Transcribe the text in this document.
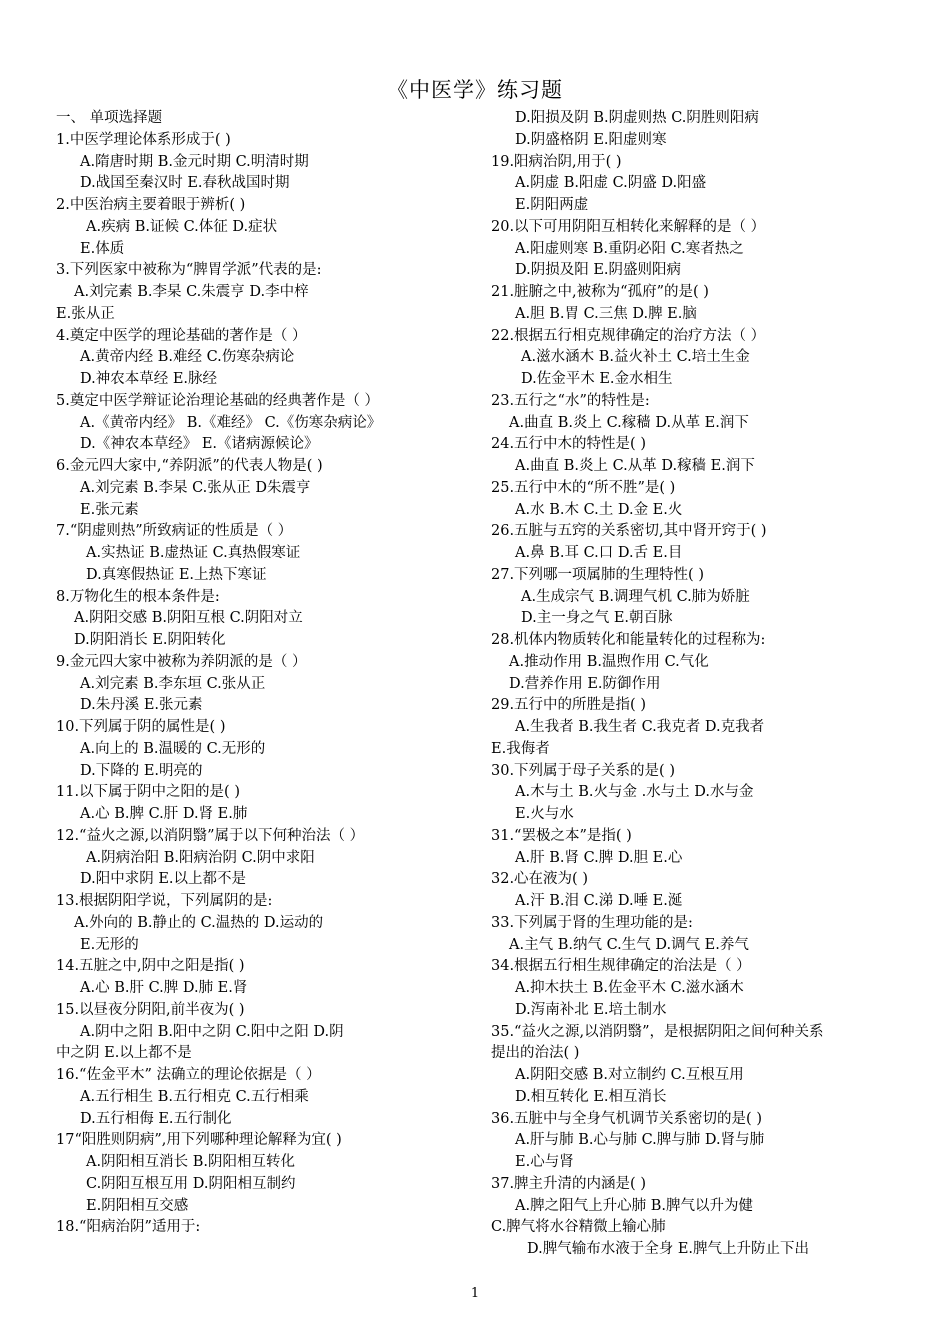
《中医学》练习题
一、 单项选择题
1.中医学理论体系形成于( )
A.隋唐时期 B.金元时期 C.明清时期
D.战国至秦汉时 E.春秋战国时期
2.中医治病主要着眼于辨析( )
A.疾病 B.证候 C.体征 D.症状
E.体质
3.下列医家中被称为“脾胃学派”代表的是:
A.刘完素 B.李杲 C.朱震亨 D.李中梓
E.张从正
4.奠定中医学的理论基础的著作是（ ）
A.黄帝内经 B.难经 C.伤寒杂病论
D.神农本草经 E.脉经
5.奠定中医学辩证论治理论基础的经典著作是（ ）
A.《黄帝内经》 B.《难经》 C.《伤寒杂病论》
D.《神农本草经》 E.《诸病源候论》
6.金元四大家中,“养阴派”的代表人物是( )
A.刘完素 B.李杲 C.张从正 D朱震亨
E.张元素
7.“阴虚则热”所致病证的性质是（ ）
A.实热证 B.虚热证 C.真热假寒证
D.真寒假热证 E.上热下寒证
8.万物化生的根本条件是:
A.阴阳交感 B.阴阳互根 C.阴阳对立
D.阴阳消长 E.阴阳转化
9.金元四大家中被称为养阴派的是（ ）
A.刘完素 B.李东垣 C.张从正
D.朱丹溪 E.张元素
10.下列属于阴的属性是( )
A.向上的 B.温暖的 C.无形的
D.下降的 E.明亮的
11.以下属于阴中之阳的是( )
A.心 B.脾 C.肝 D.肾 E.肺
12.“益火之源,以消阴翳”属于以下何种治法（ ）
A.阴病治阳 B.阳病治阴 C.阴中求阳
D.阳中求阴 E.以上都不是
13.根据阴阳学说，下列属阴的是:
A.外向的 B.静止的 C.温热的 D.运动的
E.无形的
14.五脏之中,阴中之阳是指( )
A.心 B.肝 C.脾 D.肺 E.肾
15.以昼夜分阴阳,前半夜为( )
A.阴中之阳 B.阳中之阴 C.阳中之阳 D.阴
中之阴 E.以上都不是
16.“佐金平木” 法确立的理论依据是（ ）
A.五行相生 B.五行相克 C.五行相乘
D.五行相侮 E.五行制化
17“阳胜则阴病”,用下列哪种理论解释为宜( )
A.阴阳相互消长 B.阴阳相互转化
C.阴阳互根互用 D.阴阳相互制约
E.阴阳相互交感
18.“阳病治阴”适用于:
D.阳损及阴 B.阴虚则热 C.阴胜则阳病
D.阴盛格阴 E.阳虚则寒
19.阳病治阴,用于( )
A.阴虚 B.阳虚 C.阴盛 D.阳盛
E.阴阳两虚
20.以下可用阴阳互相转化来解释的是（ ）
A.阳虚则寒 B.重阴必阳 C.寒者热之
D.阴损及阳 E.阴盛则阳病
21.脏腑之中,被称为“孤府”的是( )
A.胆 B.胃 C.三焦 D.脾 E.脑
22.根据五行相克规律确定的治疗方法（ ）
A.滋水涵木 B.益火补土 C.培土生金
D.佐金平木 E.金水相生
23.五行之“水”的特性是:
A.曲直 B.炎上 C.稼穑 D.从革 E.润下
24.五行中木的特性是( )
A.曲直 B.炎上 C.从革 D.稼穑 E.润下
25.五行中木的“所不胜”是( )
A.水 B.木 C.土 D.金 E.火
26.五脏与五窍的关系密切,其中肾开窍于( )
A.鼻 B.耳 C.口 D.舌 E.目
27.下列哪一项属肺的生理特性( )
A.生成宗气 B.调理气机 C.肺为娇脏
D.主一身之气 E.朝百脉
28.机体内物质转化和能量转化的过程称为:
A.推动作用 B.温煦作用 C.气化
D.营养作用 E.防御作用
29.五行中的所胜是指( )
A.生我者 B.我生者 C.我克者 D.克我者
E.我侮者
30.下列属于母子关系的是( )
A.木与土 B.火与金 .水与土 D.水与金
E.火与水
31.“罢极之本”是指( )
A.肝 B.肾 C.脾 D.胆 E.心
32.心在液为( )
A.汗 B.泪 C.涕 D.唾 E.涎
33.下列属于肾的生理功能的是:
A.主气 B.纳气 C.生气 D.调气 E.养气
34.根据五行相生规律确定的治法是（ ）
A.抑木扶土 B.佐金平木 C.滋水涵木
D.泻南补北 E.培土制水
35.“益火之源,以消阴翳”，是根据阴阳之间何种关系
提出的治法( )
A.阴阳交感 B.对立制约 C.互根互用
D.相互转化 E.相互消长
36.五脏中与全身气机调节关系密切的是( )
A.肝与肺 B.心与肺 C.脾与肺 D.肾与肺
E.心与肾
37.脾主升清的内涵是( )
A.脾之阳气上升心肺 B.脾气以升为健
C.脾气将水谷精微上输心肺
D.脾气输布水液于全身 E.脾气上升防止下出
1
